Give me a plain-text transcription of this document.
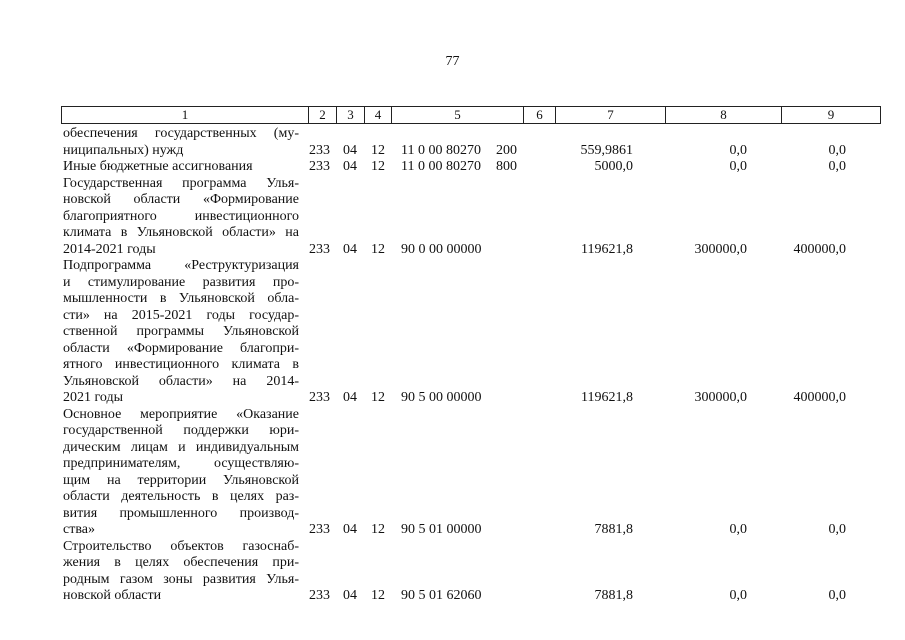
77
1	2	3	4	5	6	7	8	9
обеспечения государственных (му-
ниципальных) нужд	233 04 12 11 0 00 80270 200	559,9861	0,0	0,0
Иные бюджетные ассигнования	233 04 12 11 0 00 80270 800	5000,0	0,0	0,0
Государственная программа Улья-
новской области «Формирование
благоприятного инвестиционного
климата в Ульяновской области» на
2014-2021 годы	233 04 12 90 0 00 00000	119621,8	300000,0	400000,0
Подпрограмма «Реструктуризация
и стимулирование развития про-
мышленности в Ульяновской обла-
сти» на 2015-2021 годы государ-
ственной программы Ульяновской
области «Формирование благопри-
ятного инвестиционного климата в
Ульяновской области» на 2014-
2021 годы	233 04 12 90 5 00 00000	119621,8	300000,0	400000,0
Основное мероприятие «Оказание
государственной поддержки юри-
дическим лицам и индивидуальным
предпринимателям, осуществляю-
щим на территории Ульяновской
области деятельность в целях раз-
вития промышленного производ-
ства»	233 04 12 90 5 01 00000	7881,8	0,0	0,0
Строительство объектов газоснаб-
жения в целях обеспечения при-
родным газом зоны развития Улья-
новской области	233 04 12 90 5 01 62060	7881,8	0,0	0,0
